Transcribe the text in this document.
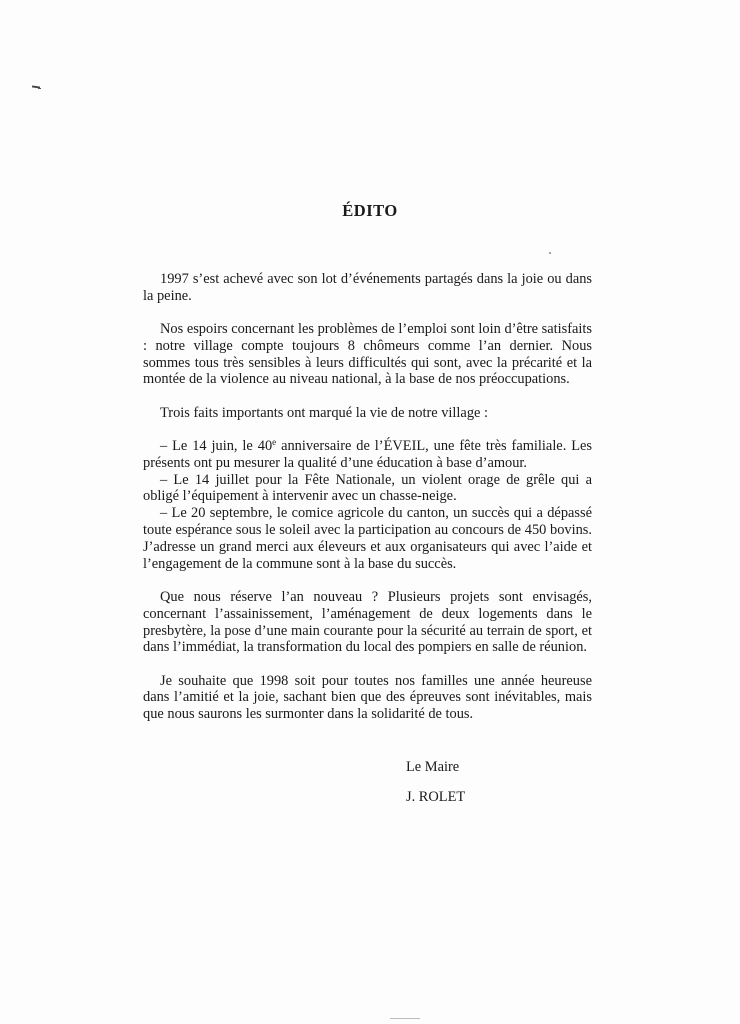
ÉDITO

1997 s’est achevé avec son lot d’événements partagés dans la joie ou dans la peine.

Nos espoirs concernant les problèmes de l’emploi sont loin d’être satisfaits : notre village compte toujours 8 chômeurs comme l’an dernier. Nous sommes tous très sensibles à leurs difficultés qui sont, avec la précarité et la montée de la violence au niveau national, à la base de nos préoccupations.

Trois faits importants ont marqué la vie de notre village :

– Le 14 juin, le 40e anniversaire de l’ÉVEIL, une fête très familiale. Les présents ont pu mesurer la qualité d’une éducation à base d’amour.
– Le 14 juillet pour la Fête Nationale, un violent orage de grêle qui a obligé l’équipement à intervenir avec un chasse-neige.
– Le 20 septembre, le comice agricole du canton, un succès qui a dépassé toute espérance sous le soleil avec la participation au concours de 450 bovins. J’adresse un grand merci aux éleveurs et aux organisateurs qui avec l’aide et l’engagement de la commune sont à la base du succès.

Que nous réserve l’an nouveau ? Plusieurs projets sont envisagés, concernant l’assainissement, l’aménagement de deux logements dans le presbytère, la pose d’une main courante pour la sécurité au terrain de sport, et dans l’immédiat, la transformation du local des pompiers en salle de réunion.

Je souhaite que 1998 soit pour toutes nos familles une année heureuse dans l’amitié et la joie, sachant bien que des épreuves sont inévitables, mais que nous saurons les surmonter dans la solidarité de tous.

Le Maire
J. ROLET
